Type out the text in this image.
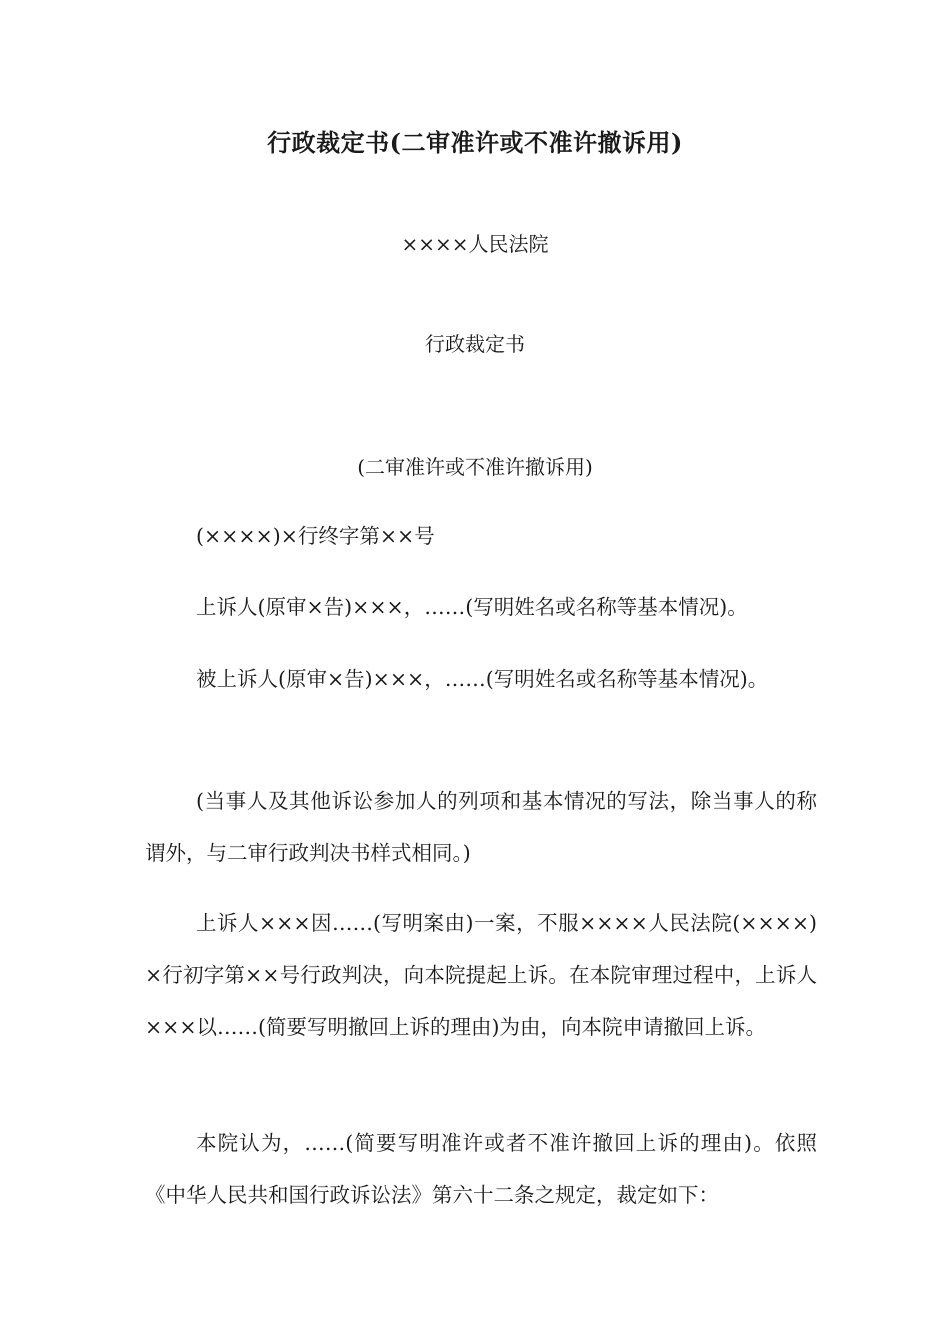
行政裁定书(二审准许或不准许撤诉用)
××××人民法院
行政裁定书
(二审准许或不准许撤诉用)

(××××)×行终字第××号

上诉人(原审×告)×××，……(写明姓名或名称等基本情况)。

被上诉人(原审×告)×××，……(写明姓名或名称等基本情况)。

(当事人及其他诉讼参加人的列项和基本情况的写法，除当事人的称谓外，与二审行政判决书样式相同。)

上诉人×××因……(写明案由)一案，不服××××人民法院(××××)×行初字第××号行政判决，向本院提起上诉。在本院审理过程中，上诉人×××以……(简要写明撤回上诉的理由)为由，向本院申请撤回上诉。

本院认为，……(简要写明准许或者不准许撤回上诉的理由)。依照《中华人民共和国行政诉讼法》第六十二条之规定，裁定如下：
